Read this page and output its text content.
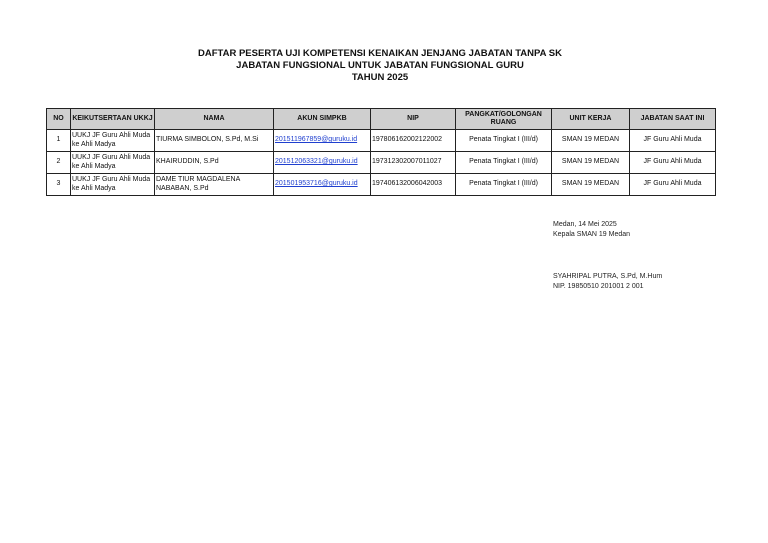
DAFTAR PESERTA UJI KOMPETENSI KENAIKAN JENJANG JABATAN TANPA SK
JABATAN FUNGSIONAL UNTUK JABATAN FUNGSIONAL GURU
TAHUN 2025
NO	KEIKUTSERTAAN UKKJ	NAMA	AKUN SIMPKB	NIP	PANGKAT/GOLONGAN RUANG	UNIT KERJA	JABATAN SAAT INI
1	UUKJ JF Guru Ahli Muda ke Ahli Madya	TIURMA SIMBOLON, S.Pd, M.Si	201511967859@guruku.id	197806162002122002	Penata Tingkat I (III/d)	SMAN 19 MEDAN	JF Guru Ahli Muda
2	UUKJ JF Guru Ahli Muda ke Ahli Madya	KHAIRUDDIN, S.Pd	201512063321@guruku.id	197312302007011027	Penata Tingkat I (III/d)	SMAN 19 MEDAN	JF Guru Ahli Muda
3	UUKJ JF Guru Ahli Muda ke Ahli Madya	DAME TIUR MAGDALENA NABABAN, S.Pd	201501953716@guruku.id	197406132006042003	Penata Tingkat I (III/d)	SMAN 19 MEDAN	JF Guru Ahli Muda
Medan, 14 Mei 2025
Kepala SMAN 19 Medan
SYAHRIPAL PUTRA, S.Pd, M.Hum
NIP. 19850510 201001 2 001
